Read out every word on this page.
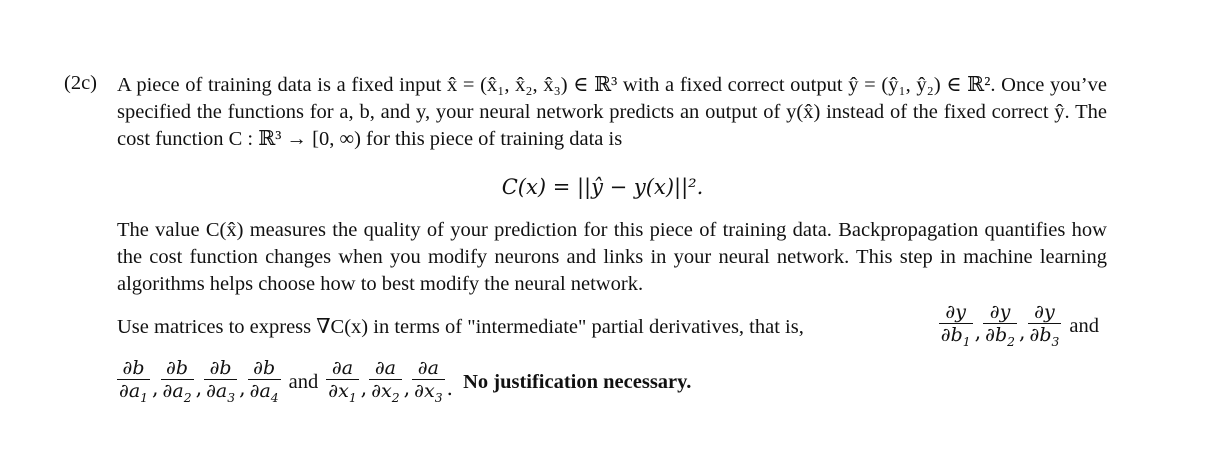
(2c) A piece of training data is a fixed input x̂ = (x̂₁, x̂₂, x̂₃) ∈ ℝ³ with a fixed correct output ŷ = (ŷ₁, ŷ₂) ∈ ℝ². Once you’ve specified the functions for a, b, and y, your neural network predicts an output of y(x̂) instead of the fixed correct ŷ. The cost function C : ℝ³ → [0, ∞) for this piece of training data is
C(x) = ||ŷ − y(x)||².
The value C(x̂) measures the quality of your prediction for this piece of training data. Backpropagation quantifies how the cost function changes when you modify neurons and links in your neural network. This step in machine learning algorithms helps choose how to best modify the neural network.
Use matrices to express ∇C(x) in terms of "intermediate" partial derivatives, that is,	$\frac{\partial y}{\partial b_1}$ , $\frac{\partial y}{\partial b_2}$ , $\frac{\partial y}{\partial b_3}$ and
$\frac{\partial b}{\partial a_1}$ , $\frac{\partial b}{\partial a_2}$ , $\frac{\partial b}{\partial a_3}$ , $\frac{\partial b}{\partial a_4}$ and $\frac{\partial a}{\partial x_1}$ , $\frac{\partial a}{\partial x_2}$ , $\frac{\partial a}{\partial x_3}$ . No justification necessary.
